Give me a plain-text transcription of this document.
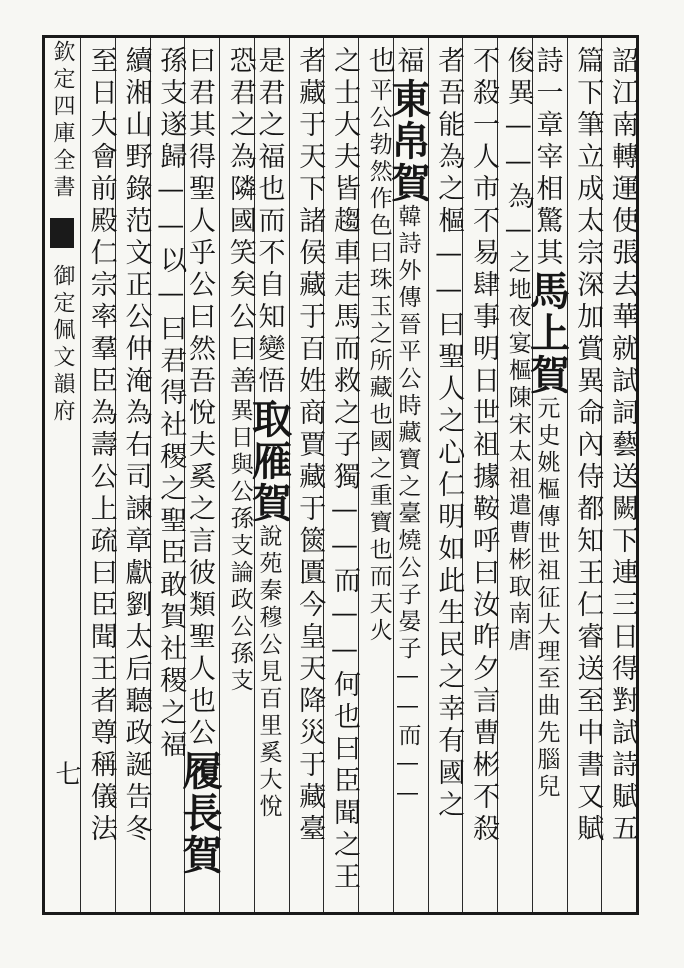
欽定四庫全書御定佩文韻府
七	詔江南轉運使張去華就試詞藝送闕下連三日得對試詩賦五
篇下筆立成太宗深加賞異命內侍都知王仁睿送至中書又賦
詩一章宰相驚其馬上賀元史姚樞傳世祖征大理至曲先腦兒
俊異——為—之地夜宴樞陳宋太祖遣曹彬取南唐
不殺一人市不易肆事明日世祖據鞍呼曰汝昨夕言曹彬不殺
者吾能為之樞——曰聖人之心仁明如此生民之幸有國之
福東帛賀韓詩外傳晉平公時藏寶之臺燒公子晏子——而——
也平公勃然作色曰珠玉之所藏也國之重寶也而天火
之士大夫皆趨車走馬而救之子獨——而——何也曰臣聞之王
者藏于天下諸侯藏于百姓商賈藏于篋匱今皇天降災于藏臺
是君之福也而不自知變悟取雁賀說苑秦穆公見百里奚大悅
恐君之為隣國笑矣公曰善異日與公孫支論政公孫支
曰君其得聖人乎公曰然吾悅夫奚之言彼類聖人也公履長賀
孫支遂歸——以—曰君得社稷之聖臣敢賀社稷之福
續湘山野錄范文正公仲淹為右司諫章獻劉太后聽政誕告冬
至日大會前殿仁宗率羣臣為壽公上疏曰臣聞王者尊稱儀法
